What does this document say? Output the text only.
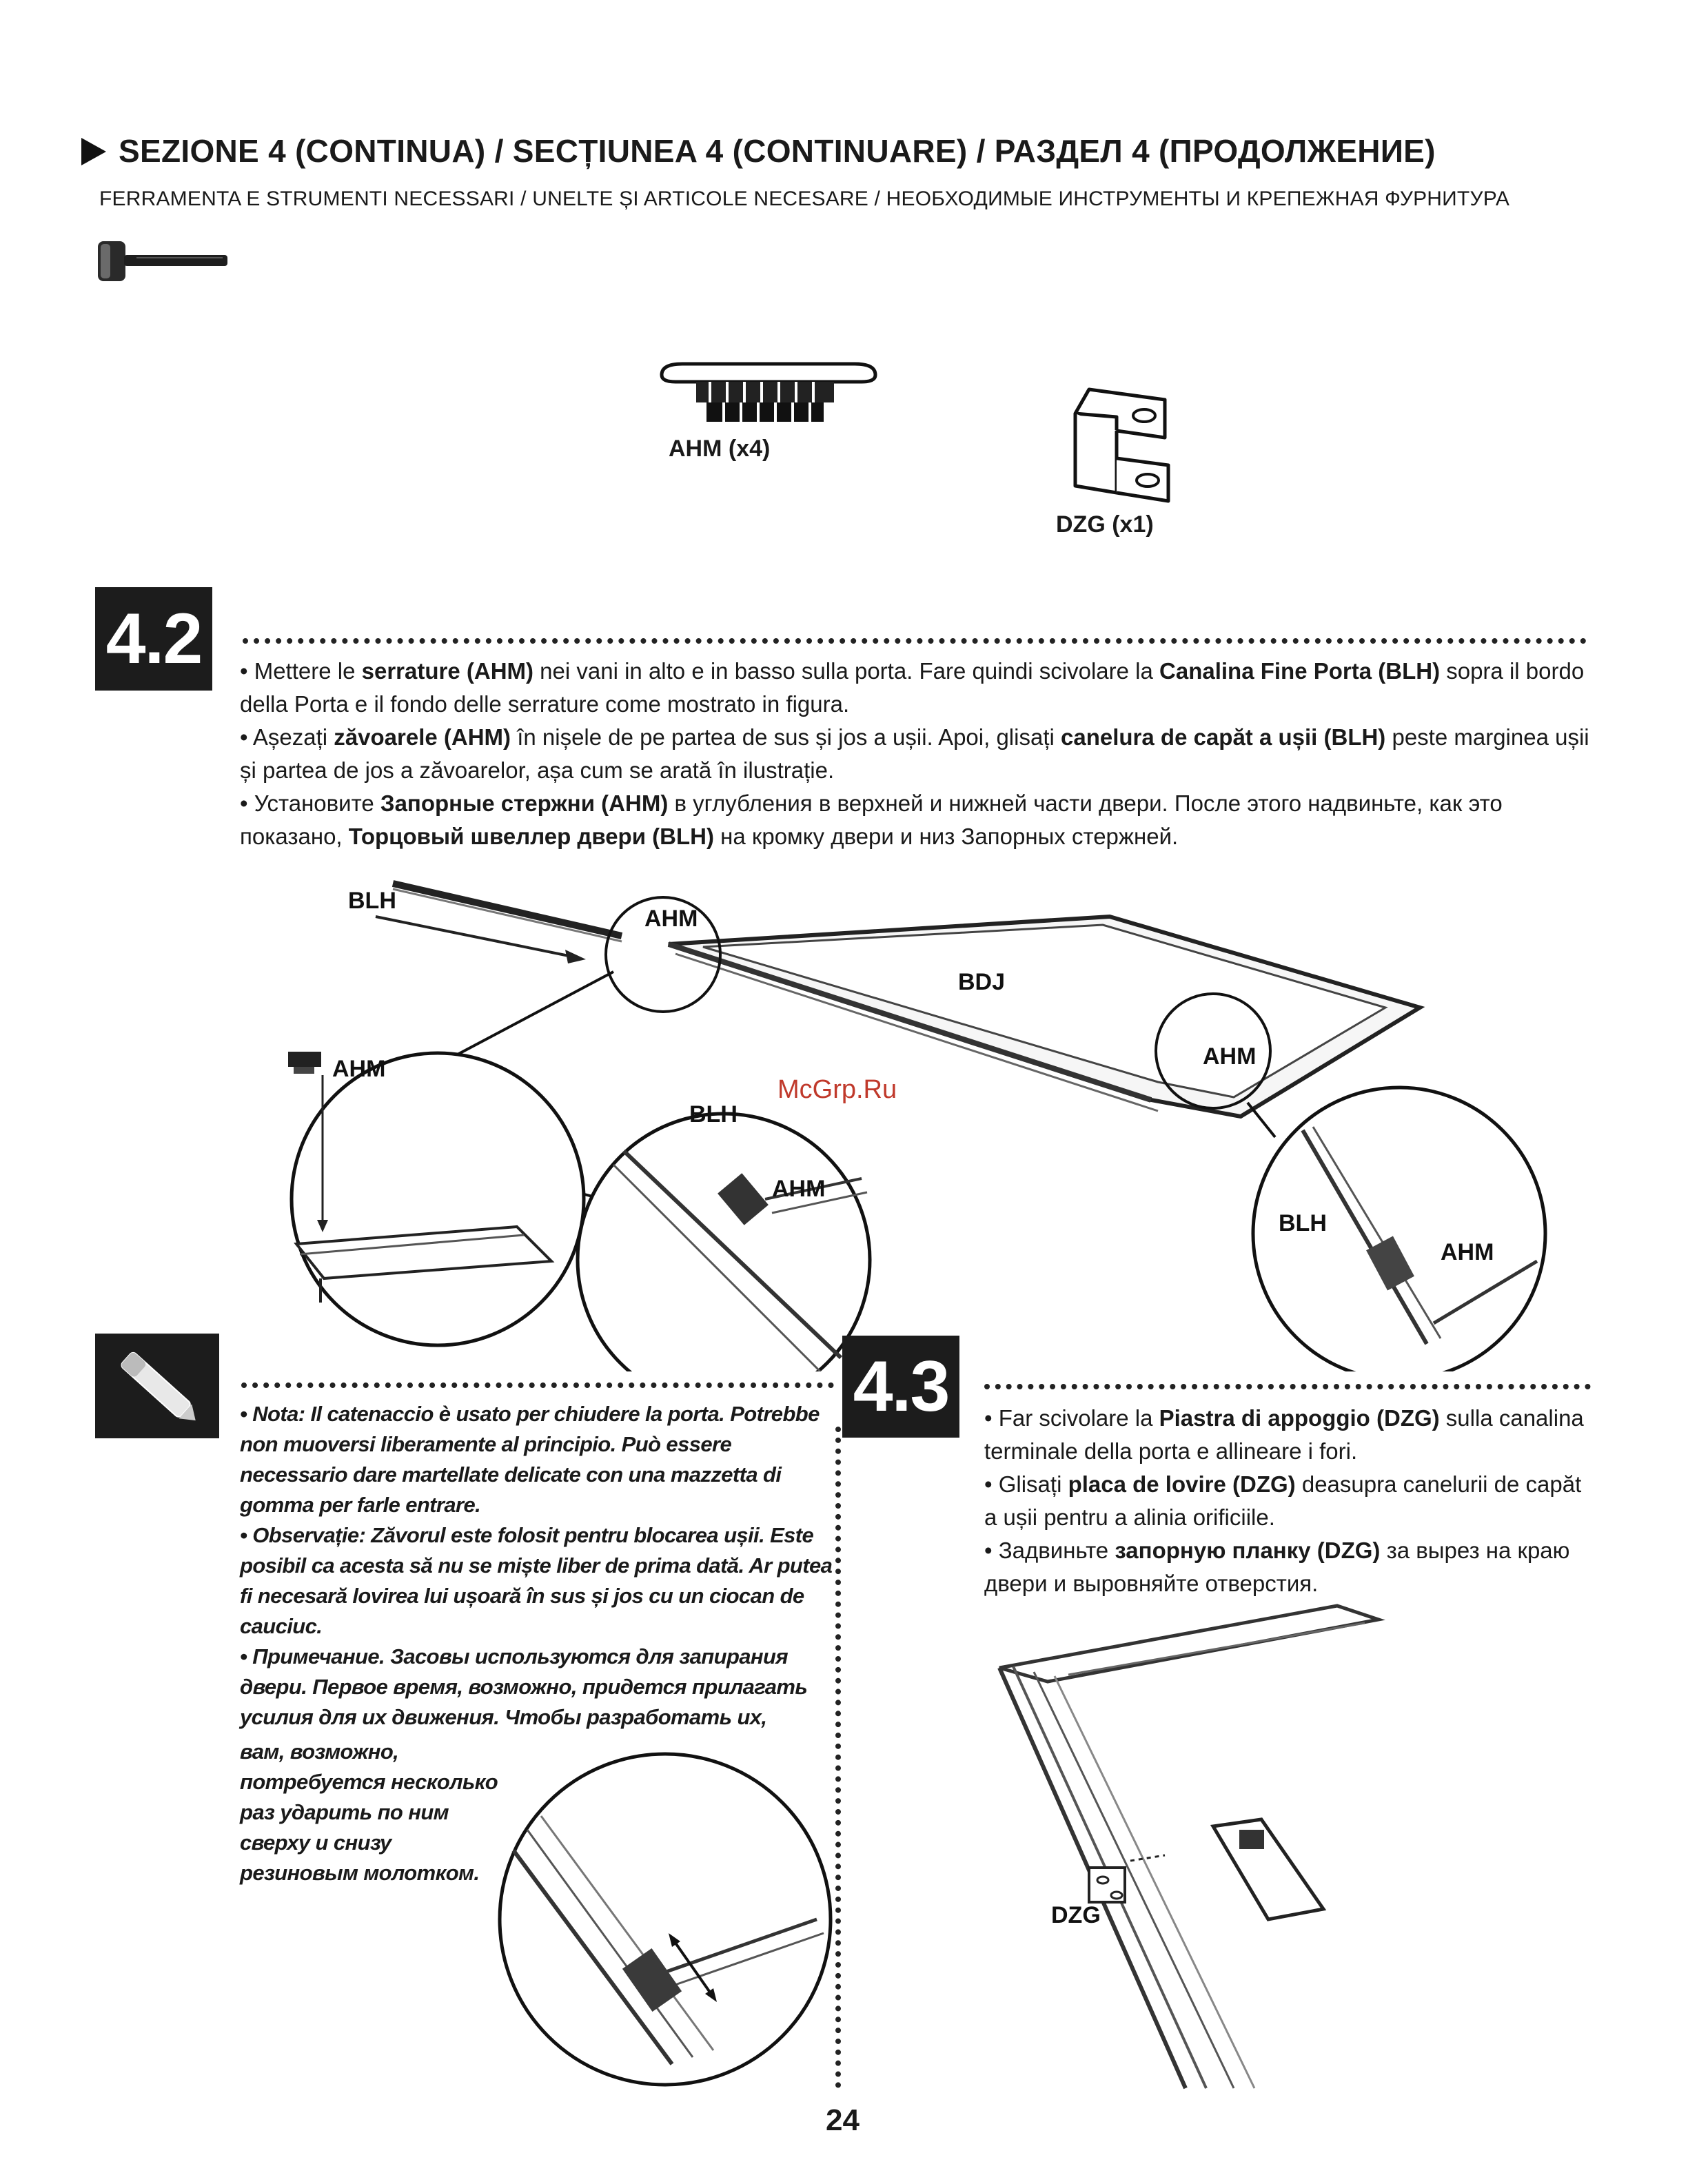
SEZIONE 4 (CONTINUA) / SECȚIUNEA 4 (CONTINUARE) / РАЗДЕЛ 4 (ПРОДОЛЖЕНИЕ)
FERRAMENTA E STRUMENTI NECESSARI / UNELTE ȘI ARTICOLE NECESARE / НЕОБХОДИМЫЕ ИНСТРУМЕНТЫ И КРЕПЕЖНАЯ ФУРНИТУРА
AHM (x4)
DZG (x1)
4.2	• Mettere le serrature (AHM) nei vani in alto e in basso sulla porta. Fare quindi scivolare la Canalina Fine Porta (BLH) sopra il bordo della Porta e il fondo delle serrature come mostrato in figura.

• Așezați zăvoarele (AHM) în nișele de pe partea de sus și jos a ușii. Apoi, glisați canelura de capăt a ușii (BLH) peste marginea ușii și partea de jos a zăvoarelor, așa cum se arată în ilustrație.

• Установите Запорные стержни (AHM) в углубления в верхней и нижней части двери. После этого надвиньте, как это показано, Торцовый швеллер двери (BLH) на кромку двери и низ Запорных стержней.

BLH
AHM
BDJ
AHM
AHM
BLH
AHM
BLH
AHM
McGrp.Ru

• Nota: Il catenaccio è usato per chiudere la porta. Potrebbe non muoversi liberamente al principio. Può essere necessario dare martellate delicate con una mazzetta di gomma per farle entrare.

• Observație: Zăvorul este folosit pentru blocarea ușii. Este posibil ca acesta să nu se miște liber de prima dată. Ar putea fi necesară lovirea lui ușoară în sus și jos cu un ciocan de cauciuc.

• Примечание. Засовы используются для запирания двери. Первое время, возможно, придется прилагать усилия для их движения. Чтобы разработать их,

вам, возможно, потребуется несколько раз ударить по ним сверху и снизу резиновым молотком.
4.3	• Far scivolare la Piastra di appoggio (DZG) sulla canalina terminale della porta e allineare i fori.

• Glisați placa de lovire (DZG) deasupra canelurii de capăt a ușii pentru a alinia orificiile.

• Задвиньте запорную планку (DZG) за вырез на краю двери и выровняйте отверстия.

DZG
24
